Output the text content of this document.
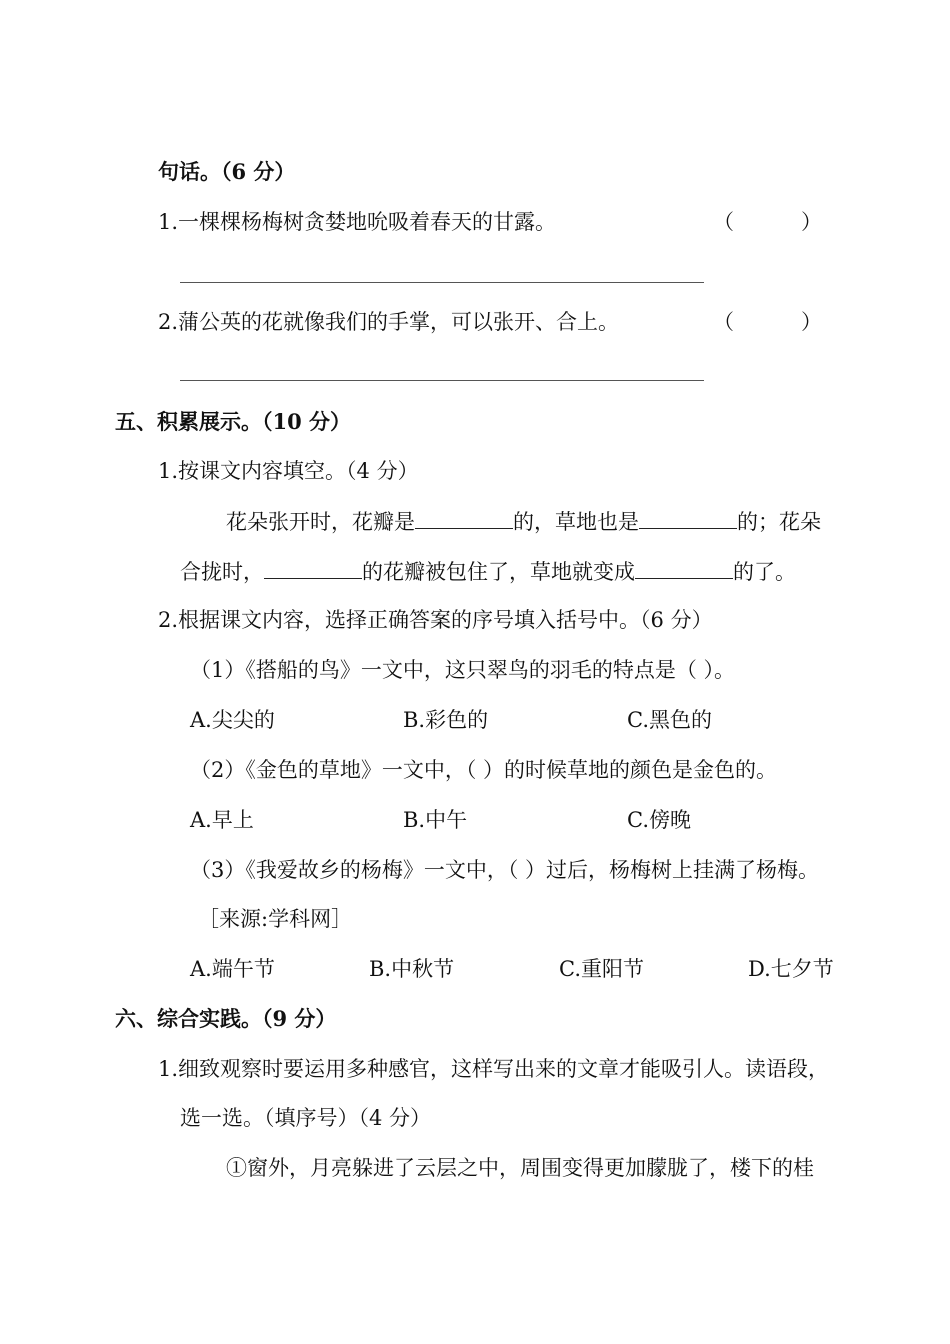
句话。（6 分）
1.一棵棵杨梅树贪婪地吮吸着春天的甘露。	（	）
2.蒲公英的花就像我们的手掌，可以张开、合上。	（	）
五、积累展示。（10 分）
1.按课文内容填空。（4 分）
花朵张开时，花瓣是	的，草地也是	的；花朵
合拢时，	的花瓣被包住了，草地就变成	的了。
2.根据课文内容，选择正确答案的序号填入括号中。（6 分）
（1）《搭船的鸟》一文中，这只翠鸟的羽毛的特点是（ ）。
A.尖尖的	B.彩色的	C.黑色的
（2）《金色的草地》一文中，（ ）的时候草地的颜色是金色的。
A.早上	B.中午	C.傍晚
（3）《我爱故乡的杨梅》一文中，（ ）过后，杨梅树上挂满了杨梅。
［来源:学科网］
A.端午节	B.中秋节	C.重阳节	D.七夕节
六、综合实践。（9 分）
1.细致观察时要运用多种感官，这样写出来的文章才能吸引人。读语段，
选一选。（填序号）（4 分）
①窗外，月亮躲进了云层之中，周围变得更加朦胧了，楼下的桂
